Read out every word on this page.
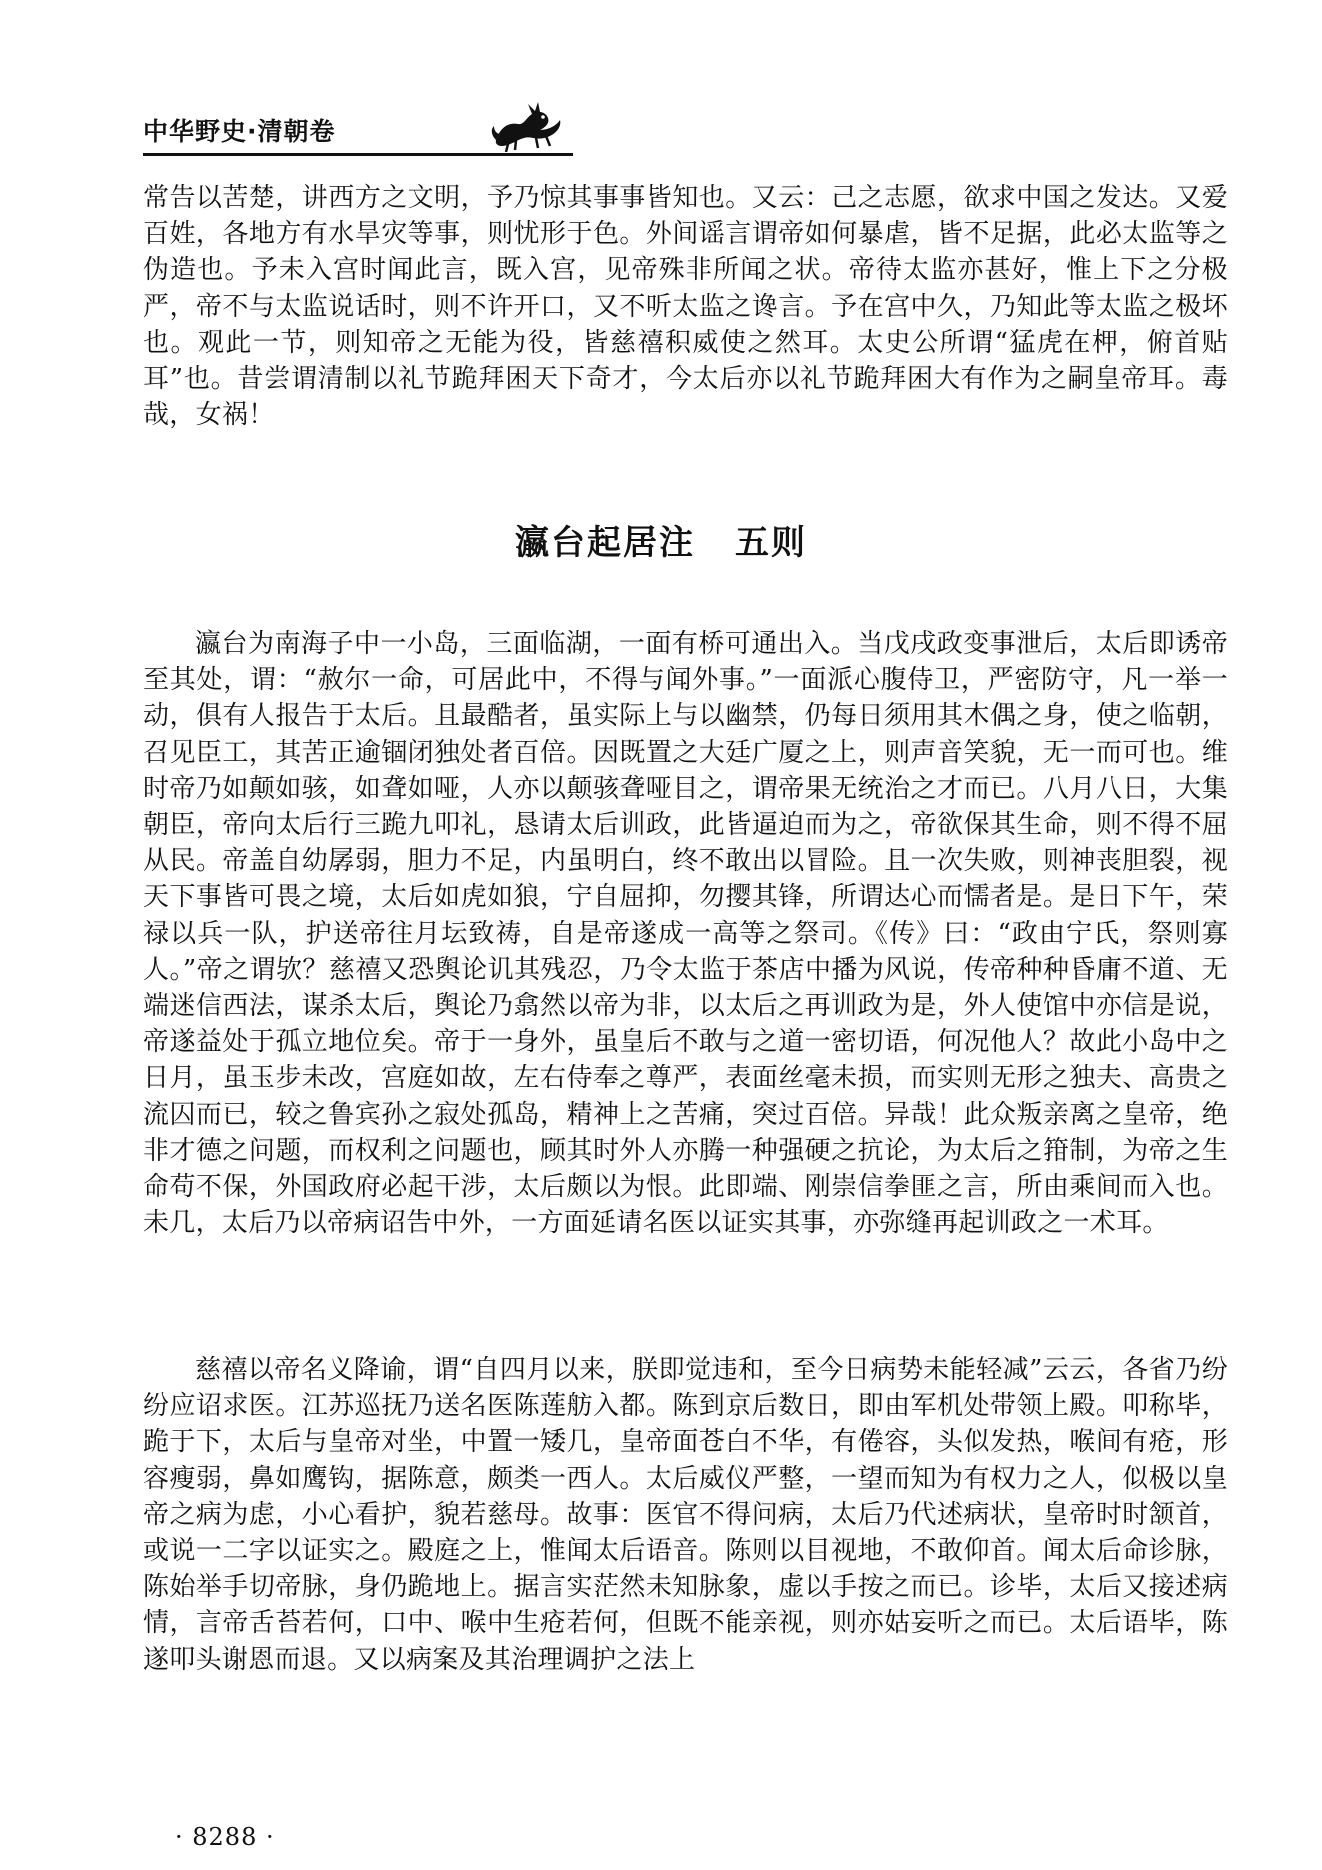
中华野史·清朝卷

常告以苦楚，讲西方之文明，予乃惊其事事皆知也。又云：己之志愿，欲求中国之发达。又爱百姓，各地方有水旱灾等事，则忧形于色。外间谣言谓帝如何暴虐，皆不足据，此必太监等之伪造也。予未入宫时闻此言，既入宫，见帝殊非所闻之状。帝待太监亦甚好，惟上下之分极严，帝不与太监说话时，则不许开口，又不听太监之谗言。予在宫中久，乃知此等太监之极坏也。观此一节，则知帝之无能为役，皆慈禧积威使之然耳。太史公所谓“猛虎在柙，俯首贴耳”也。昔尝谓清制以礼节跪拜困天下奇才，今太后亦以礼节跪拜困大有作为之嗣皇帝耳。毒哉，女祸！

瀛台起居注 五则

瀛台为南海子中一小岛，三面临湖，一面有桥可通出入。当戊戌政变事泄后，太后即诱帝至其处，谓：“赦尔一命，可居此中，不得与闻外事。”一面派心腹侍卫，严密防守，凡一举一动，俱有人报告于太后。且最酷者，虽实际上与以幽禁，仍每日须用其木偶之身，使之临朝，召见臣工，其苦正逾锢闭独处者百倍。因既置之大廷广厦之上，则声音笑貌，无一而可也。维时帝乃如颠如骇，如聋如哑，人亦以颠骇聋哑目之，谓帝果无统治之才而已。八月八日，大集朝臣，帝向太后行三跪九叩礼，恳请太后训政，此皆逼迫而为之，帝欲保其生命，则不得不屈从民。帝盖自幼孱弱，胆力不足，内虽明白，终不敢出以冒险。且一次失败，则神丧胆裂，视天下事皆可畏之境，太后如虎如狼，宁自屈抑，勿撄其锋，所谓达心而懦者是。是日下午，荣禄以兵一队，护送帝往月坛致祷，自是帝遂成一高等之祭司。《传》曰：“政由宁氏，祭则寡人。”帝之谓欤？慈禧又恐舆论讥其残忍，乃令太监于茶店中播为风说，传帝种种昏庸不道、无端迷信西法，谋杀太后，舆论乃翕然以帝为非，以太后之再训政为是，外人使馆中亦信是说，帝遂益处于孤立地位矣。帝于一身外，虽皇后不敢与之道一密切语，何况他人？故此小岛中之日月，虽玉步未改，宫庭如故，左右侍奉之尊严，表面丝毫未损，而实则无形之独夫、高贵之流囚而已，较之鲁宾孙之寂处孤岛，精神上之苦痛，突过百倍。异哉！此众叛亲离之皇帝，绝非才德之问题，而权利之问题也，顾其时外人亦腾一种强硬之抗论，为太后之箝制，为帝之生命苟不保，外国政府必起干涉，太后颇以为恨。此即端、刚崇信拳匪之言，所由乘间而入也。未几，太后乃以帝病诏告中外，一方面延请名医以证实其事，亦弥缝再起训政之一术耳。

慈禧以帝名义降谕，谓“自四月以来，朕即觉违和，至今日病势未能轻减”云云，各省乃纷纷应诏求医。江苏巡抚乃送名医陈莲舫入都。陈到京后数日，即由军机处带领上殿。叩称毕，跪于下，太后与皇帝对坐，中置一矮几，皇帝面苍白不华，有倦容，头似发热，喉间有疮，形容瘦弱，鼻如鹰钩，据陈意，颇类一西人。太后威仪严整，一望而知为有权力之人，似极以皇帝之病为虑，小心看护，貌若慈母。故事：医官不得问病，太后乃代述病状，皇帝时时颔首，或说一二字以证实之。殿庭之上，惟闻太后语音。陈则以目视地，不敢仰首。闻太后命诊脉，陈始举手切帝脉，身仍跪地上。据言实茫然未知脉象，虚以手按之而已。诊毕，太后又接述病情，言帝舌苔若何，口中、喉中生疮若何，但既不能亲视，则亦姑妄听之而已。太后语毕，陈遂叩头谢恩而退。又以病案及其治理调护之法上

· 8288 ·
